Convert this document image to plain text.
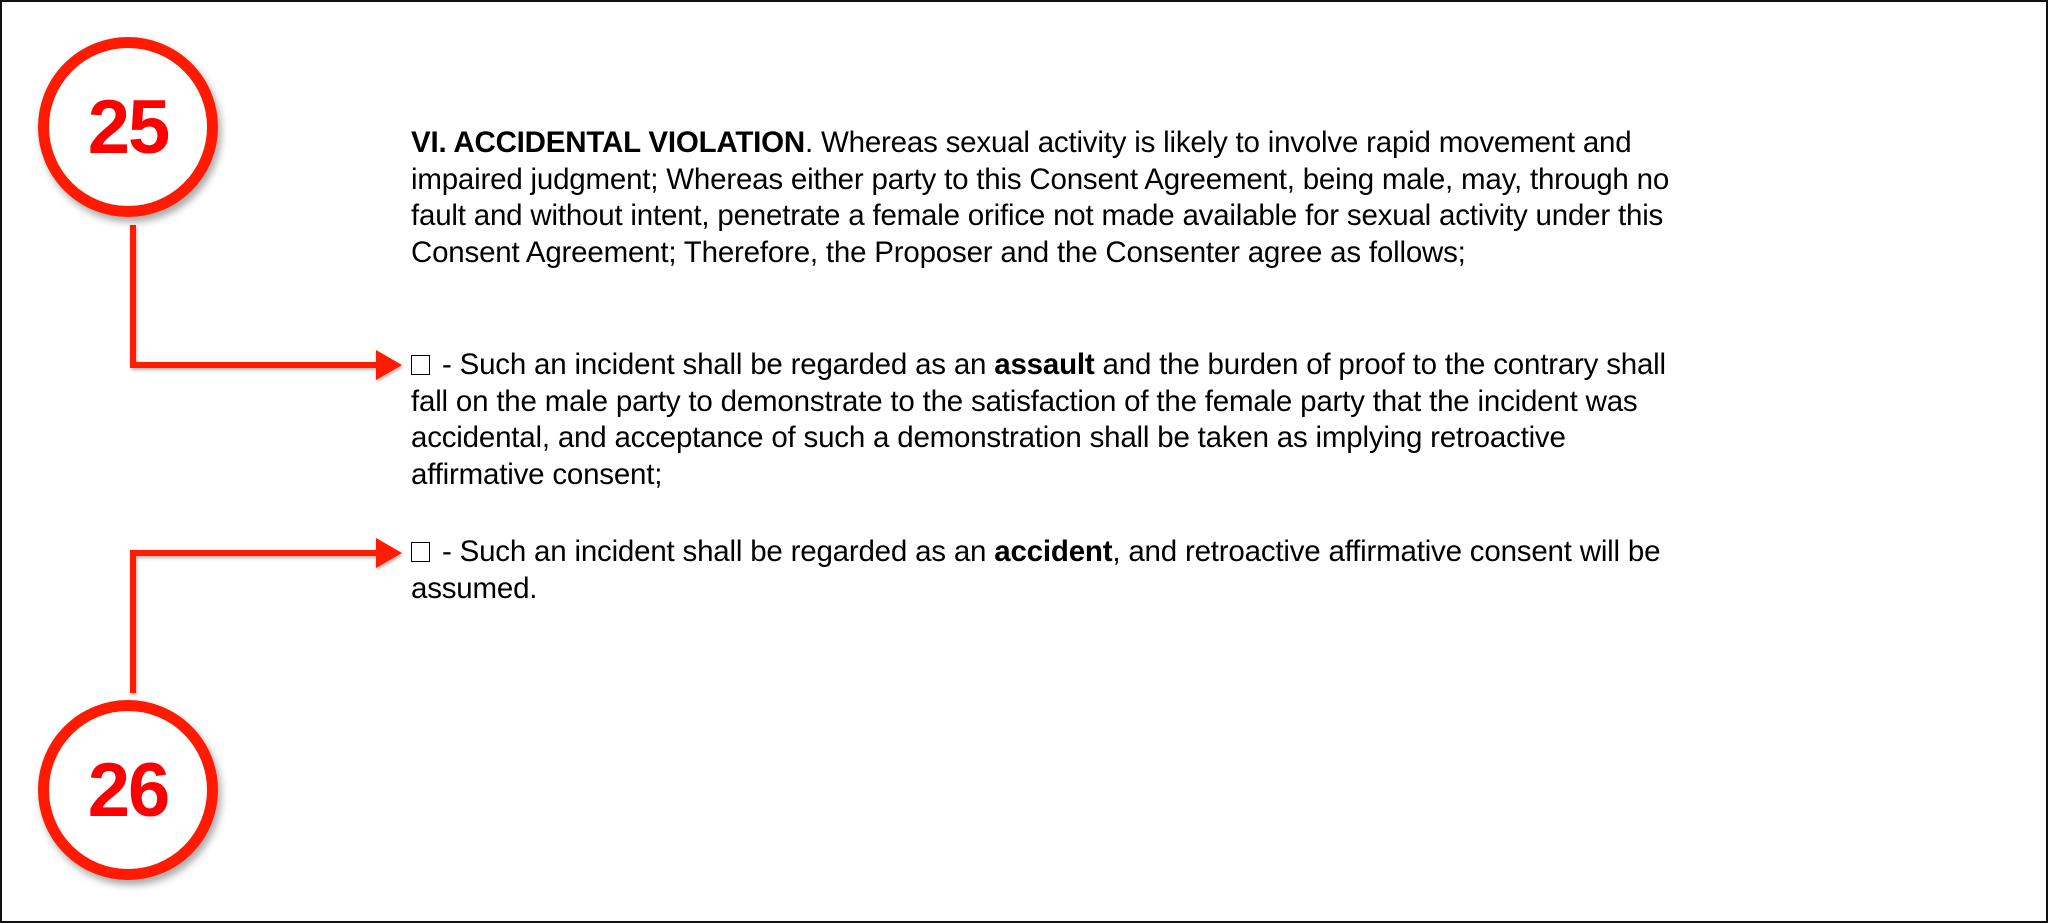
25
26

VI. ACCIDENTAL VIOLATION. Whereas sexual activity is likely to involve rapid movement and impaired judgment; Whereas either party to this Consent Agreement, being male, may, through no fault and without intent, penetrate a female orifice not made available for sexual activity under this Consent Agreement; Therefore, the Proposer and the Consenter agree as follows;

- Such an incident shall be regarded as an assault and the burden of proof to the contrary shall fall on the male party to demonstrate to the satisfaction of the female party that the incident was accidental, and acceptance of such a demonstration shall be taken as implying retroactive affirmative consent;

- Such an incident shall be regarded as an accident, and retroactive affirmative consent will be assumed.
